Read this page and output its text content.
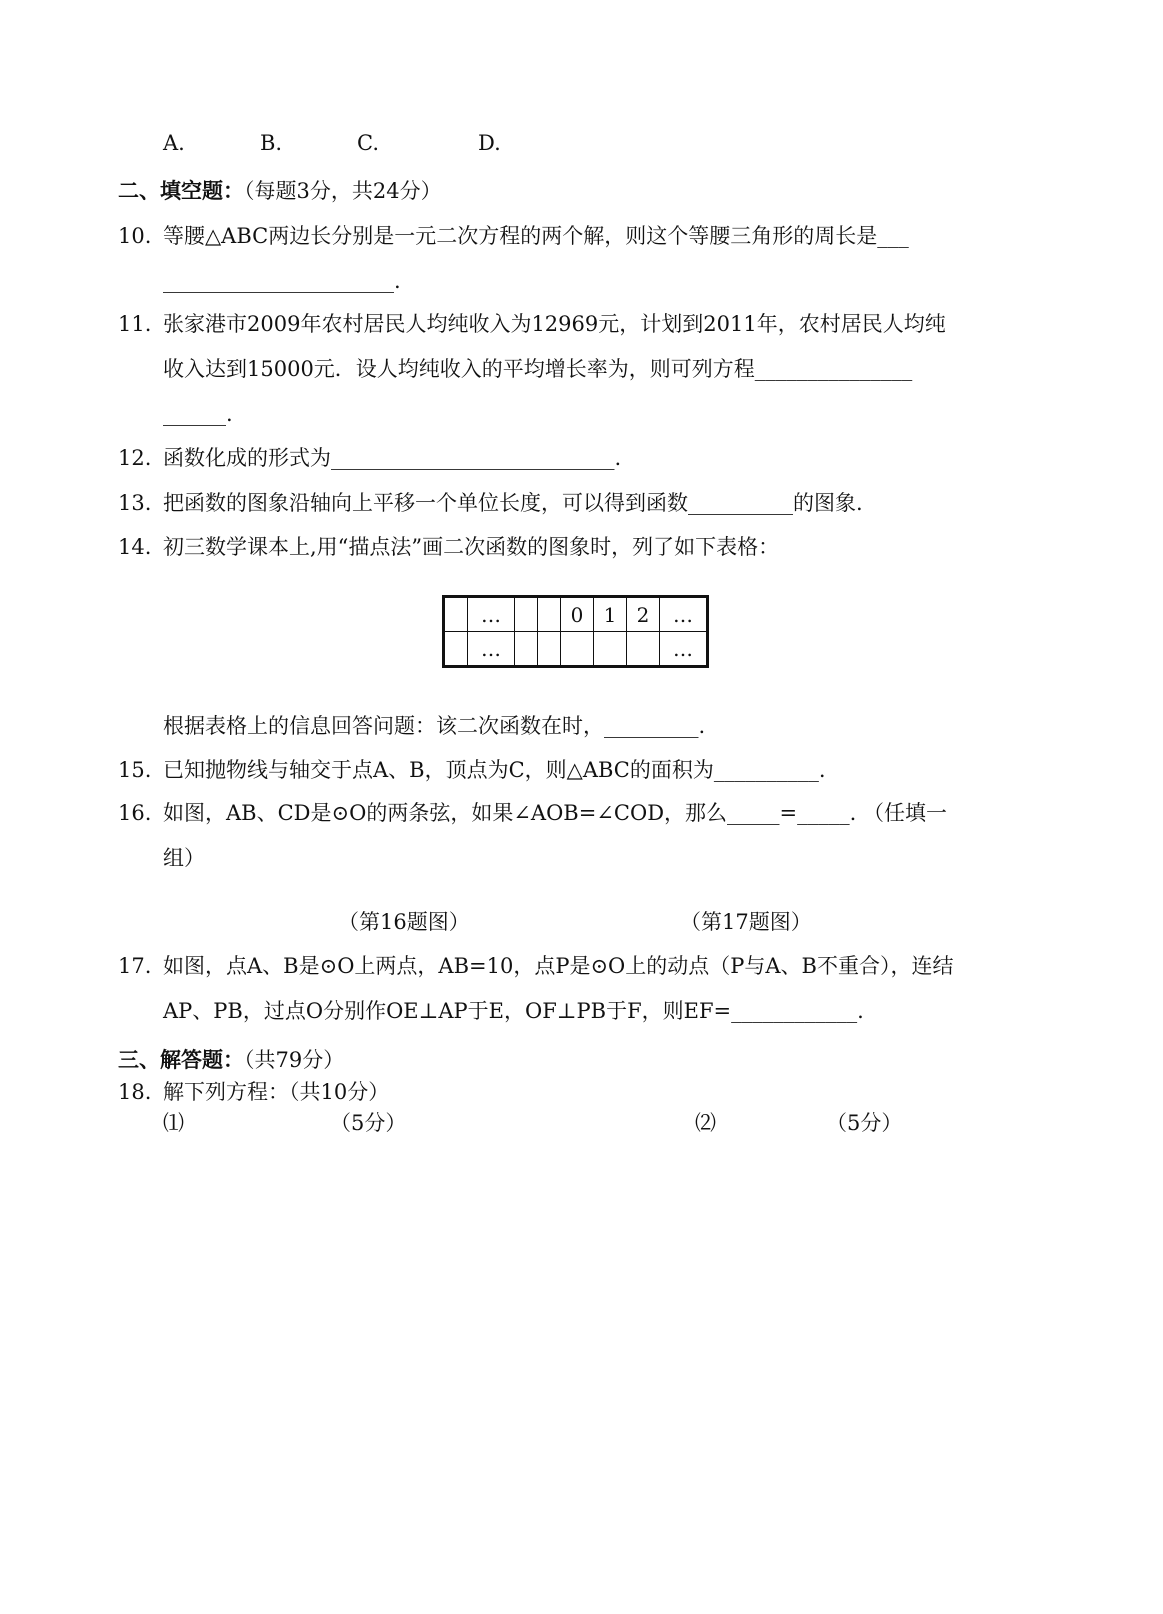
A.	B.	C.	D.
二、填空题：（每题3分，共24分）
10. 等腰△ABC两边长分别是一元二次方程的两个解，则这个等腰三角形的周长是___
______________________.
11. 张家港市2009年农村居民人均纯收入为12969元，计划到2011年，农村居民人均纯
收入达到15000元．设人均纯收入的平均增长率为，则可列方程_______________
______.
12. 函数化成的形式为___________________________.
13. 把函数的图象沿轴向上平移一个单位长度，可以得到函数__________的图象.
14. 初三数学课本上,用“描点法”画二次函数的图象时，列了如下表格：
	…			0	1	2	…
	…						…
根据表格上的信息回答问题：该二次函数在时，_________.
15. 已知抛物线与轴交于点A、B，顶点为C，则△ABC的面积为__________.
16. 如图，AB、CD是⊙O的两条弦，如果∠AOB=∠COD，那么_____=_____. （任填一
组）
（第16题图）	（第17题图）
17. 如图，点A、B是⊙O上两点，AB=10，点P是⊙O上的动点（P与A、B不重合），连结
AP、PB，过点O分别作OE⊥AP于E，OF⊥PB于F，则EF=____________.
三、解答题：（共79分）
18. 解下列方程：（共10分）
⑴	（5分）	⑵	（5分）
